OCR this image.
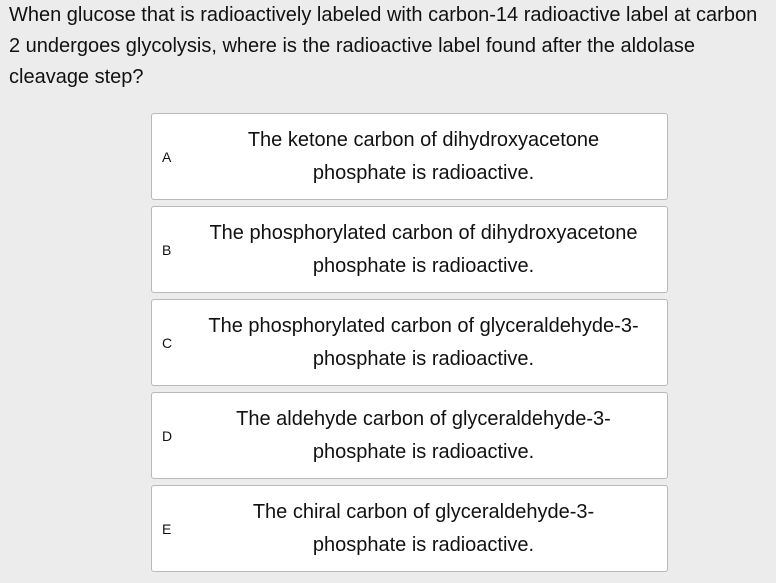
When glucose that is radioactively labeled with carbon-14 radioactive label at carbon 2 undergoes glycolysis, where is the radioactive label found after the aldolase cleavage step?

A
The ketone carbon of dihydroxyacetone
phosphate is radioactive.
B
The phosphorylated carbon of dihydroxyacetone
phosphate is radioactive.
C
The phosphorylated carbon of glyceraldehyde-3-
phosphate is radioactive.
D
The aldehyde carbon of glyceraldehyde-3-
phosphate is radioactive.
E
The chiral carbon of glyceraldehyde-3-
phosphate is radioactive.
